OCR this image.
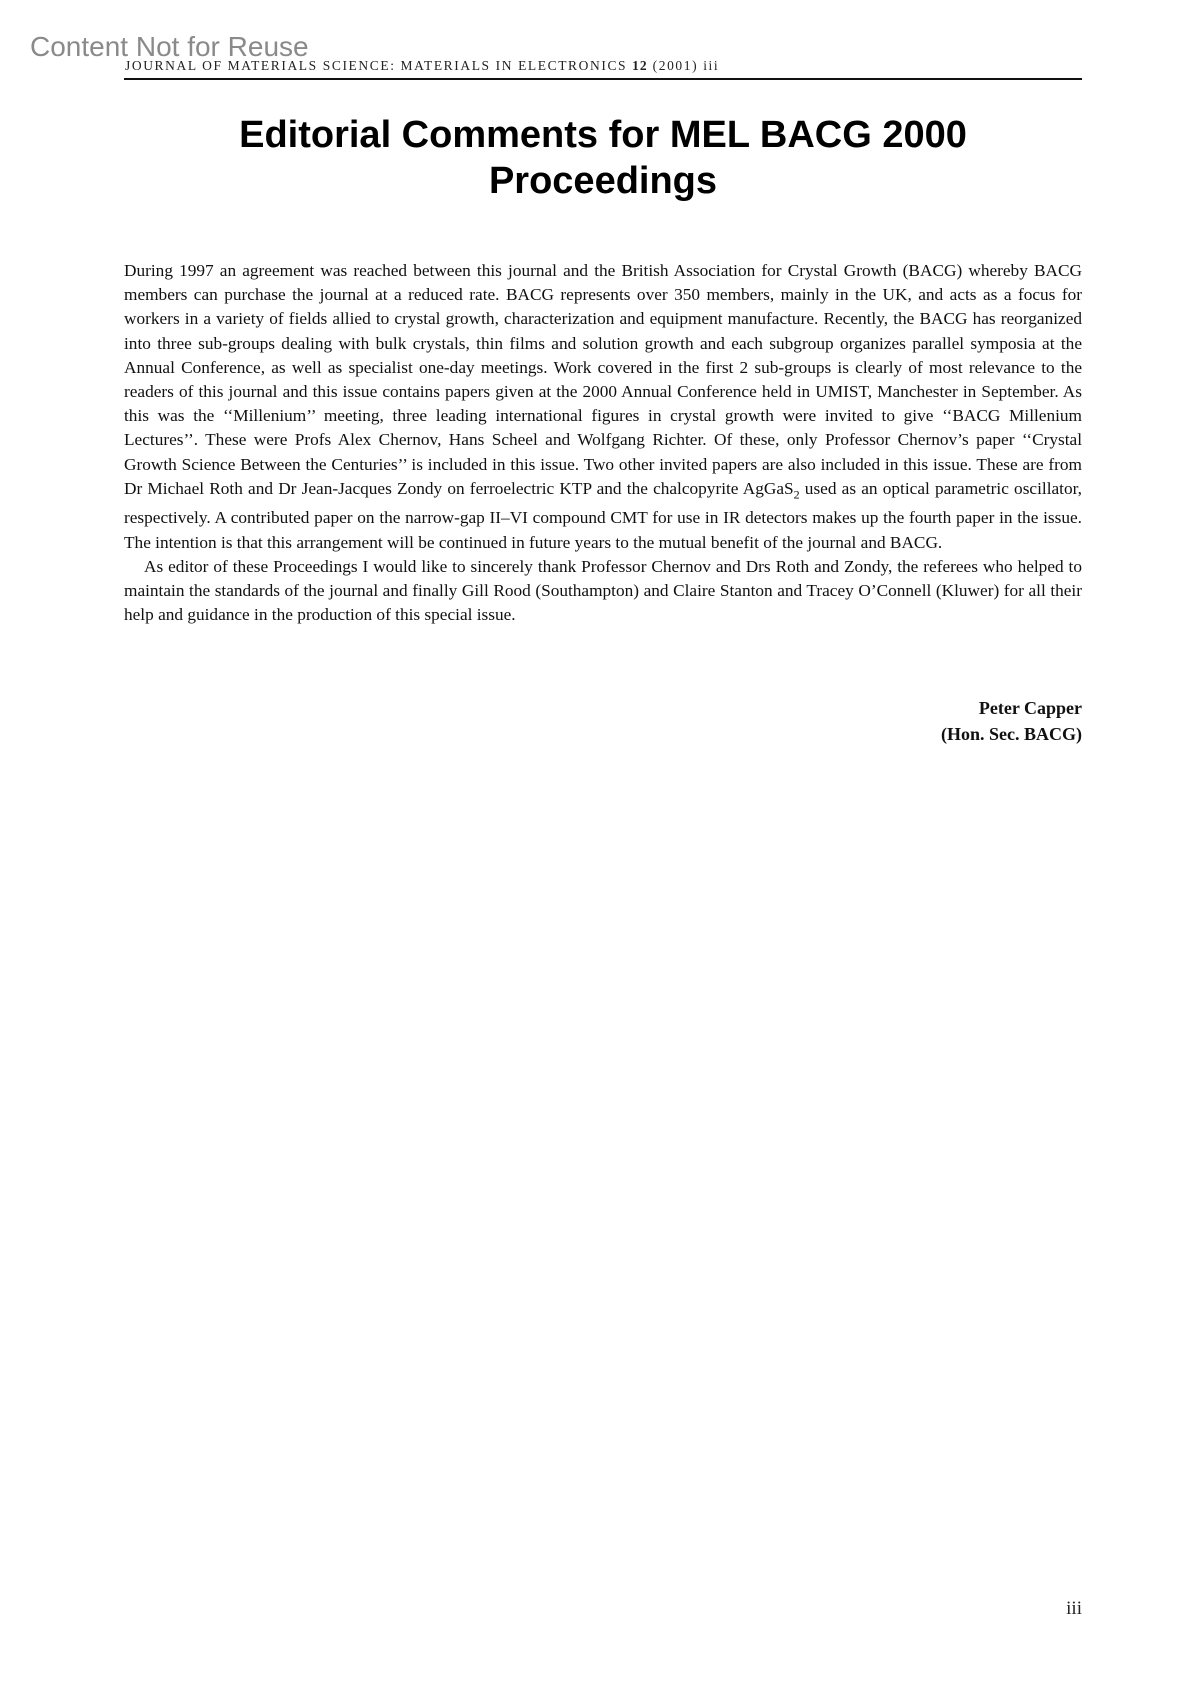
Content Not for Reuse
JOURNAL OF MATERIALS SCIENCE: MATERIALS IN ELECTRONICS 12 (2001) iii
Editorial Comments for MEL BACG 2000
Proceedings

During 1997 an agreement was reached between this journal and the British Association for Crystal Growth (BACG) whereby BACG members can purchase the journal at a reduced rate. BACG represents over 350 members, mainly in the UK, and acts as a focus for workers in a variety of fields allied to crystal growth, characterization and equipment manufacture. Recently, the BACG has reorganized into three sub-groups dealing with bulk crystals, thin films and solution growth and each subgroup organizes parallel symposia at the Annual Conference, as well as specialist one-day meetings. Work covered in the first 2 sub-groups is clearly of most relevance to the readers of this journal and this issue contains papers given at the 2000 Annual Conference held in UMIST, Manchester in September. As this was the ‘‘Millenium’’ meeting, three leading international figures in crystal growth were invited to give ‘‘BACG Millenium Lectures’’. These were Profs Alex Chernov, Hans Scheel and Wolfgang Richter. Of these, only Professor Chernov’s paper ‘‘Crystal Growth Science Between the Centuries’’ is included in this issue. Two other invited papers are also included in this issue. These are from Dr Michael Roth and Dr Jean-Jacques Zondy on ferroelectric KTP and the chalcopyrite AgGaS$_2$ used as an optical parametric oscillator, respectively. A contributed paper on the narrow-gap II–VI compound CMT for use in IR detectors makes up the fourth paper in the issue. The intention is that this arrangement will be continued in future years to the mutual benefit of the journal and BACG.

As editor of these Proceedings I would like to sincerely thank Professor Chernov and Drs Roth and Zondy, the referees who helped to maintain the standards of the journal and finally Gill Rood (Southampton) and Claire Stanton and Tracey O’Connell (Kluwer) for all their help and guidance in the production of this special issue.

Peter Capper
(Hon. Sec. BACG)
iii
